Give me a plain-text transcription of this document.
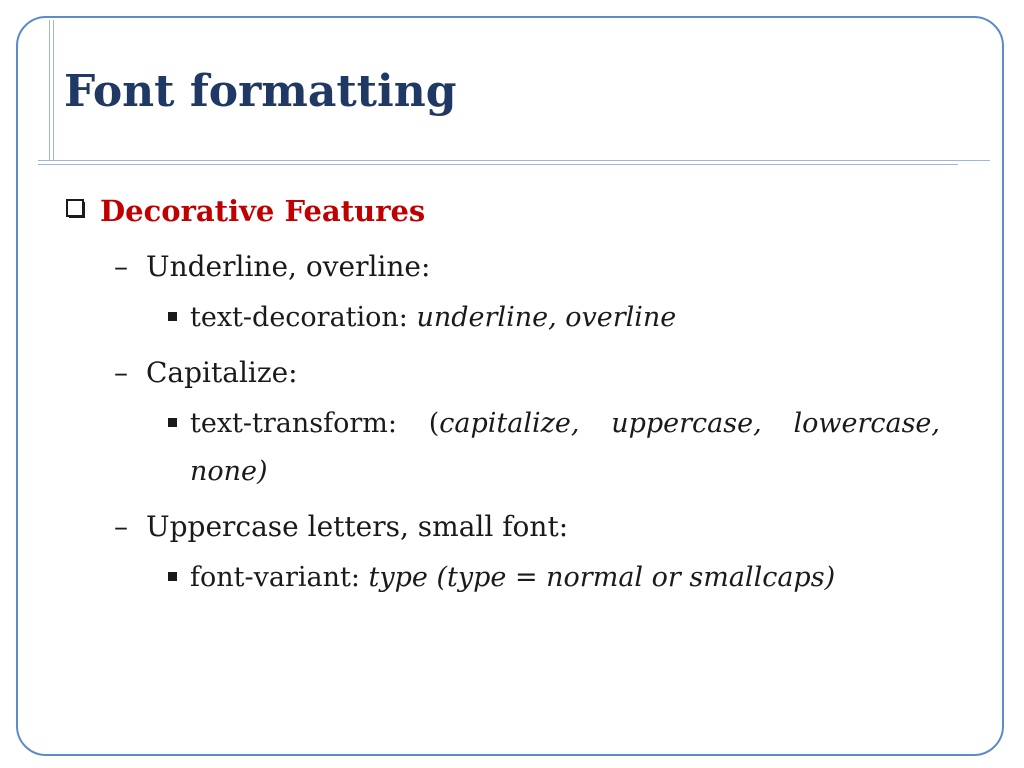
Font formatting
Decorative Features
– Underline, overline:
text-decoration: underline, overline
– Capitalize:
text-transform: (capitalize, uppercase, lowercase, none)
– Uppercase letters, small font:
font-variant: type (type = normal or smallcaps)
